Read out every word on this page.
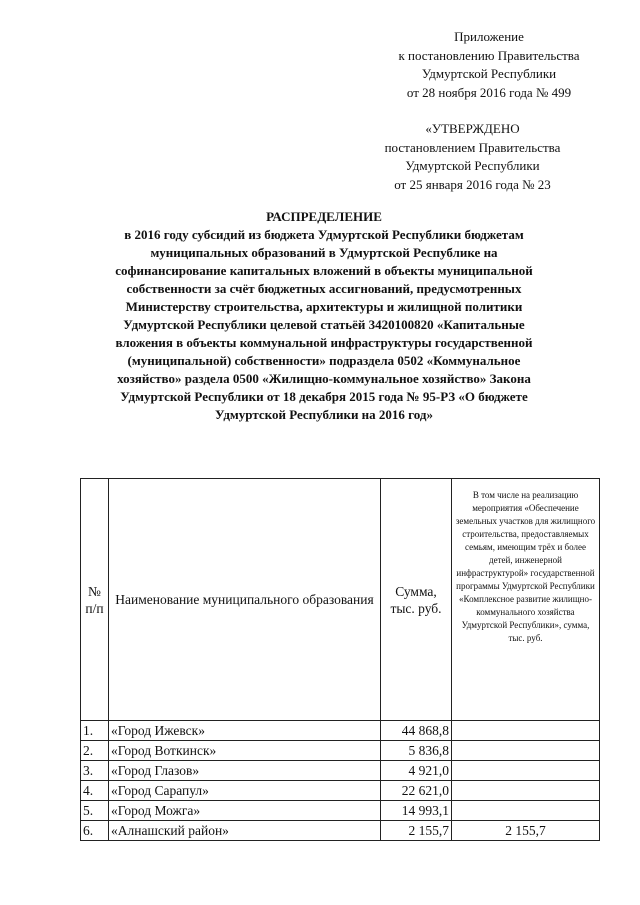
Приложение
к постановлению Правительства
Удмуртской Республики
от 28 ноября 2016 года № 499
«УТВЕРЖДЕНО
постановлением Правительства
Удмуртской Республики
от 25 января 2016 года № 23
РАСПРЕДЕЛЕНИЕ
в 2016 году субсидий из бюджета Удмуртской Республики бюджетам
муниципальных образований в Удмуртской Республике на
софинансирование капитальных вложений в объекты муниципальной
собственности за счёт бюджетных ассигнований, предусмотренных
Министерству строительства, архитектуры и жилищной политики
Удмуртской Республики целевой статьёй 3420100820 «Капитальные
вложения в объекты коммунальной инфраструктуры государственной
(муниципальной) собственности» подраздела 0502 «Коммунальное
хозяйство» раздела 0500 «Жилищно-коммунальное хозяйство» Закона
Удмуртской Республики от 18 декабря 2015 года № 95-РЗ «О бюджете
Удмуртской Республики на 2016 год»
№ п/п	Наименование муниципального образования	Сумма, тыс. руб.	В том числе на реализацию мероприятия «Обеспечение земельных участков для жилищного строительства, предоставляемых семьям, имеющим трёх и более детей, инженерной инфраструктурой» государственной программы Удмуртской Республики «Комплексное развитие жилищно-коммунального хозяйства Удмуртской Республики», сумма, тыс. руб.
1.	«Город Ижевск»	44 868,8	
2.	«Город Воткинск»	5 836,8	
3.	«Город Глазов»	4 921,0	
4.	«Город Сарапул»	22 621,0	
5.	«Город Можга»	14 993,1	
6.	«Алнашский район»	2 155,7	2 155,7
